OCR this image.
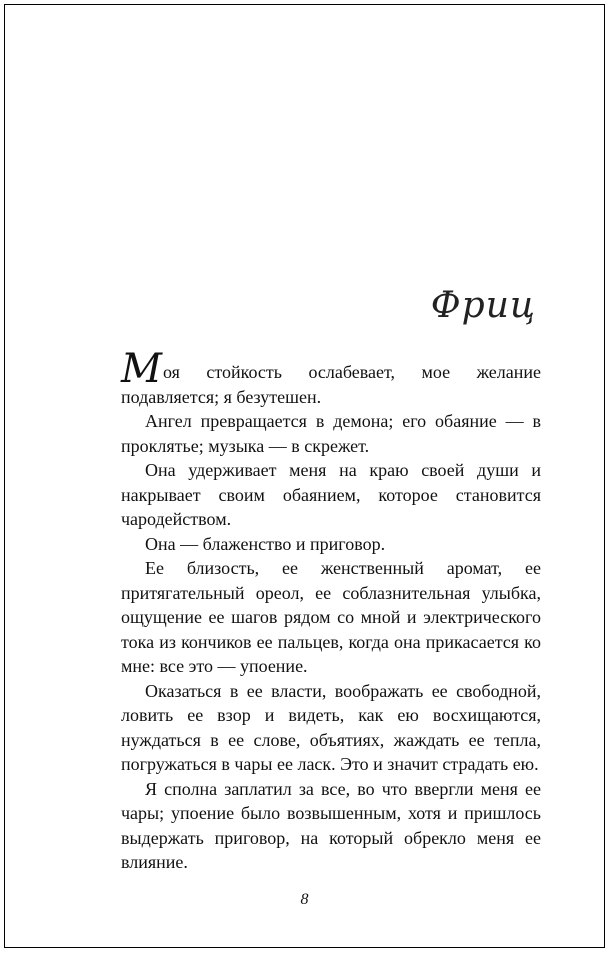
Фриц

Моя стойкость ослабевает, мое желание подавляется; я безутешен.

Ангел превращается в демона; его обаяние — в проклятье; музыка — в скрежет.

Она удерживает меня на краю своей души и накрывает своим обаянием, которое становится чародейством.

Она — блаженство и приговор.

Ее близость, ее женственный аромат, ее притягательный ореол, ее соблазнительная улыбка, ощущение ее шагов рядом со мной и электрического тока из кончиков ее пальцев, когда она прикасается ко мне: все это — упоение.

Оказаться в ее власти, воображать ее свободной, ловить ее взор и видеть, как ею восхищаются, нуждаться в ее слове, объятиях, жаждать ее тепла, погружаться в чары ее ласк. Это и значит страдать ею.

Я сполна заплатил за все, во что ввергли меня ее чары; упоение было возвышенным, хотя и пришлось выдержать приговор, на который обрекло меня ее влияние.

8
